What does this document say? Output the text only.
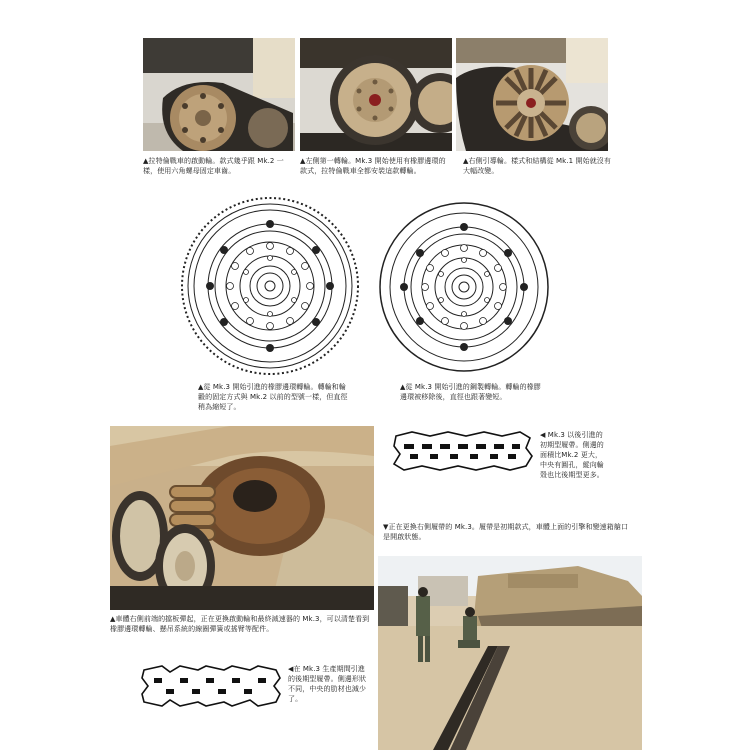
▲拉特倫戰車的啟動輪。款式幾乎跟 Mk.2 一樣，使用六角螺母固定車齒。
▲左側第一轉輪。Mk.3 開始使用有橡膠邊環的款式，拉特倫戰車全都安裝這款轉輪。
▲右側引導輪。樣式和結構從 Mk.1 開始就沒有大幅改變。
▲從 Mk.3 開始引進的橡膠邊環轉輪。轉輪和輪轂的固定方式與 Mk.2 以前的型號一樣，但直徑稍為縮短了。
▲從 Mk.3 開始引進的鋼製轉輪。轉輪的橡膠邊環被移除後，直徑也跟著變短。
▲車體右側前端的擋板彈起，正在更換啟動輪和最終減速器的 Mk.3，可以清楚看到橡膠邊環轉輪、懸吊系統的線圈彈簧或搖臂等配件。
◀ Mk.3 以後引進的初期型履帶。側邊的面積比Mk.2 更大，中央有圓孔，縱向輪殼也比後期型更多。
▼正在更換右側履帶的 Mk.3。履帶是初期款式，車體上面的引擎和變速箱艙口是開啟狀態。
◀在 Mk.3 生產期間引進的後期型履帶。側邊形狀不同，中央的肋材也減少了。
